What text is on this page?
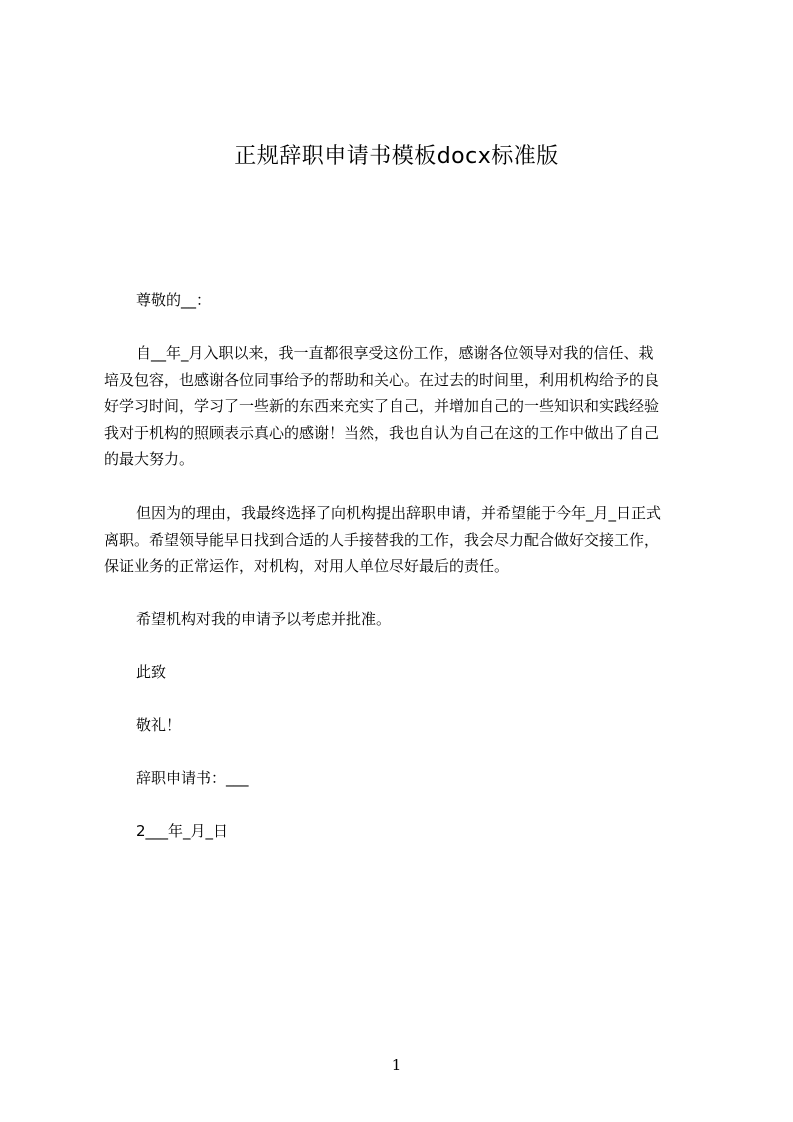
正规辞职申请书模板docx标准版
尊敬的__：
自__年_月入职以来，我一直都很享受这份工作，感谢各位领导对我的信任、栽
培及包容，也感谢各位同事给予的帮助和关心。在过去的时间里，利用机构给予的良
好学习时间，学习了一些新的东西来充实了自己，并增加自己的一些知识和实践经验
我对于机构的照顾表示真心的感谢！当然，我也自认为自己在这的工作中做出了自己
的最大努力。
但因为的理由，我最终选择了向机构提出辞职申请，并希望能于今年_月_日正式
离职。希望领导能早日找到合适的人手接替我的工作，我会尽力配合做好交接工作，
保证业务的正常运作，对机构，对用人单位尽好最后的责任。
希望机构对我的申请予以考虑并批准。
此致
敬礼！
辞职申请书：___
2___年_月_日
1
